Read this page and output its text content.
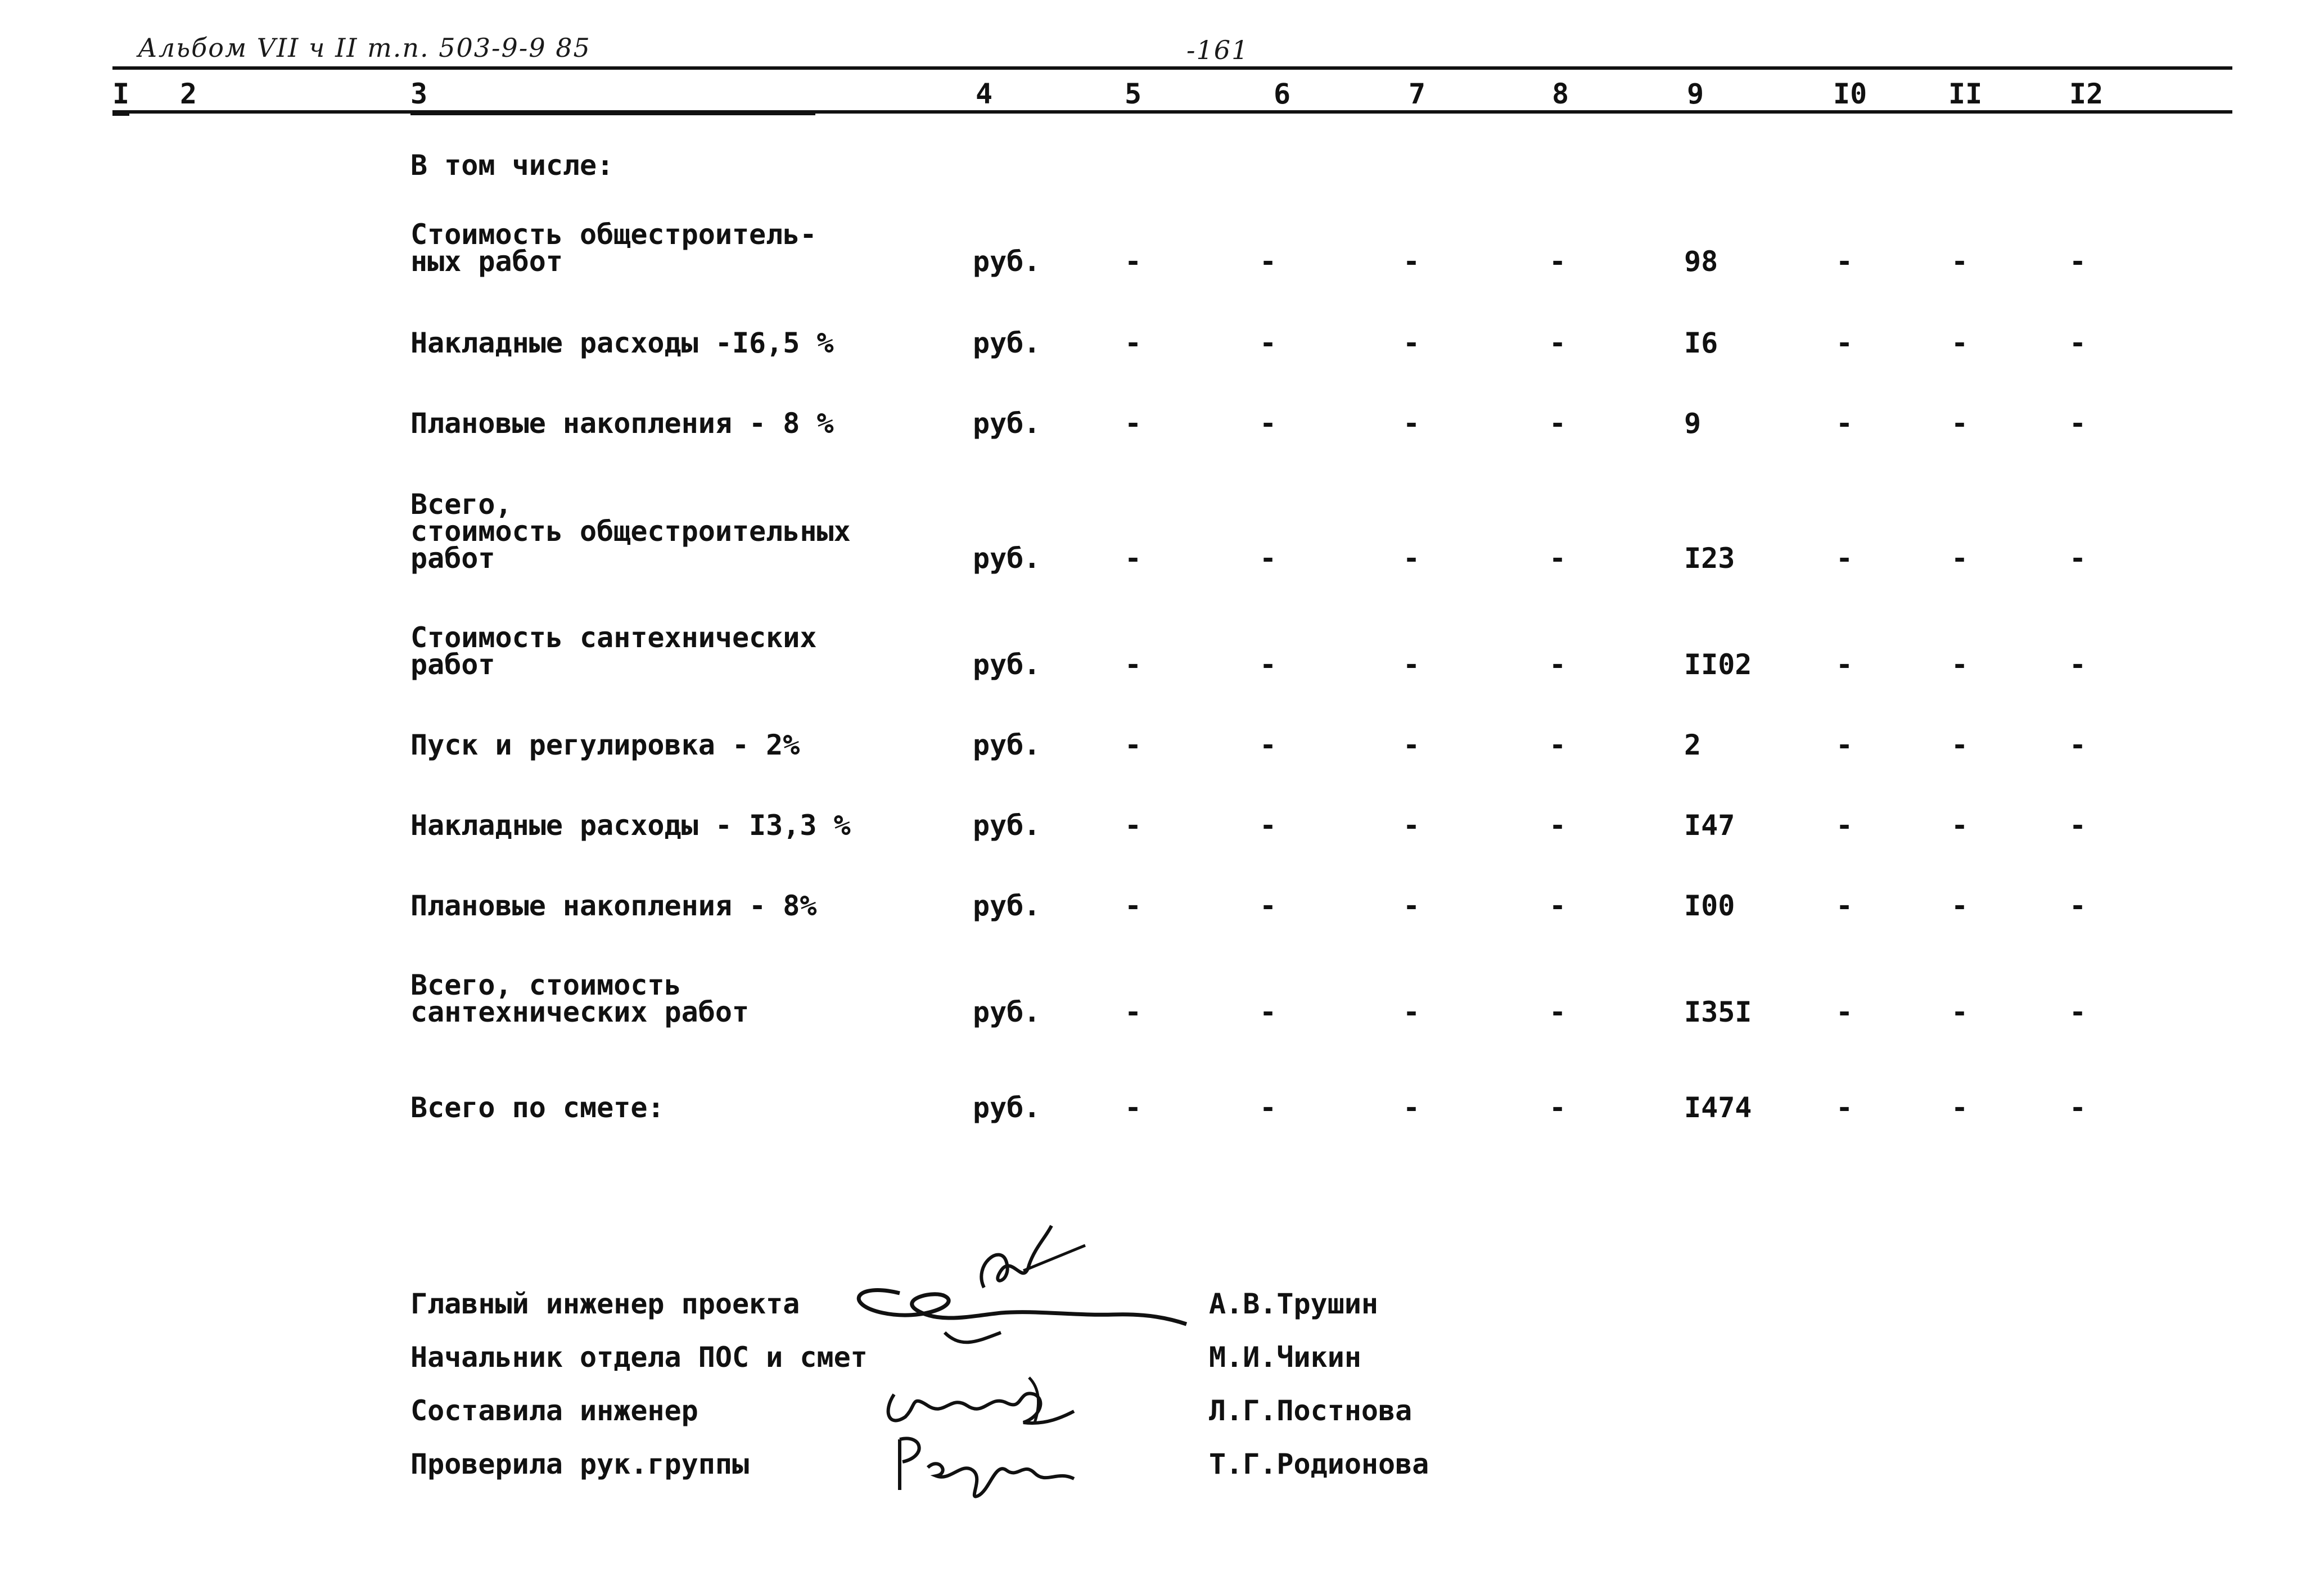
Альбом VII ч II т.п. 503-9-9 85	-161
I 2	3	4	5	6	7	8	9	I0	II	I2
В том числе:
Стоимость общестроитель-
ных работ	руб.	-	-	-	-	98	-	-	-
Накладные расходы -I6,5 %	руб.	-	-	-	-	I6	-	-	-
Плановые накопления - 8 %	руб.	-	-	-	-	9	-	-	-
Всего,
стоимость общестроительных
работ	руб.	-	-	-	-	I23	-	-	-
Стоимость сантехнических
работ	руб.	-	-	-	-	II02	-	-	-
Пуск и регулировка - 2%	руб.	-	-	-	-	2	-	-	-
Накладные расходы - I3,3 %	руб.	-	-	-	-	I47	-	-	-
Плановые накопления - 8%	руб.	-	-	-	-	I00	-	-	-
Всего, стоимость
сантехнических работ	руб.	-	-	-	-	I35I	-	-	-
Всего по смете:	руб.	-	-	-	-	I474	-	-	-
Главный инженер проекта	А.В.Трушин
Начальник отдела ПОС и смет	М.И.Чикин
Составила инженер	Л.Г.Постнова
Проверила рук.группы	Т.Г.Родионова
